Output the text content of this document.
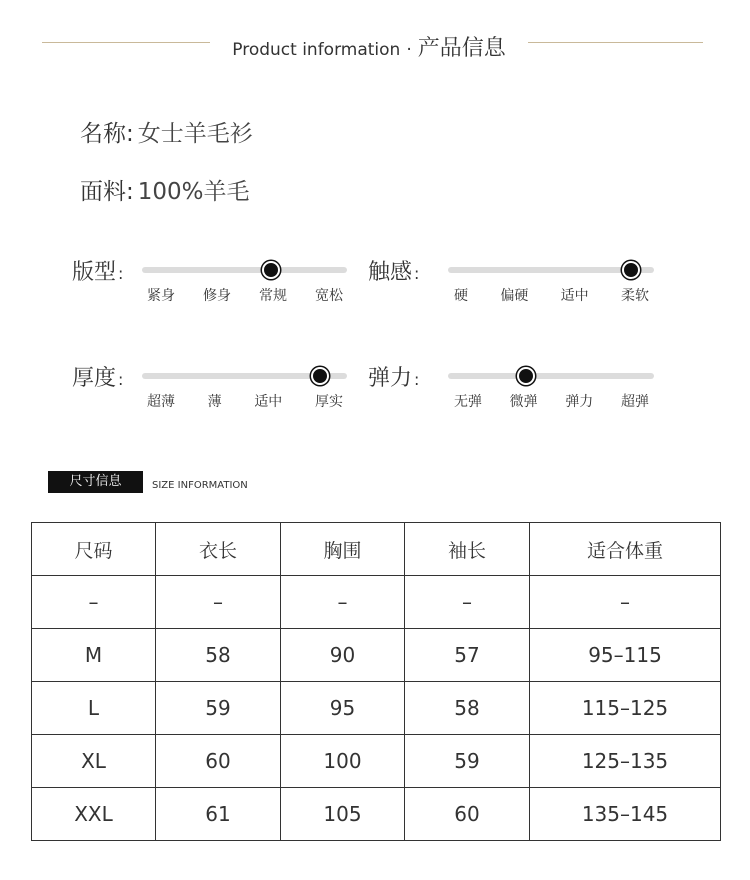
Product information · 产品信息
名称: 女士羊毛衫
面料: 100%羊毛
版型 :
紧身 修身 常规 宽松
触感 :
硬 偏硬 适中 柔软
厚度 :
超薄 薄 适中 厚实
弹力 :
无弹 微弹 弹力 超弹
尺寸信息	SIZE INFORMATION
尺码	衣长	胸围	袖长	适合体重
–	–	–	–	–
M	58	90	57	95–115
L	59	95	58	115–125
XL	60	100	59	125–135
XXL	61	105	60	135–145
